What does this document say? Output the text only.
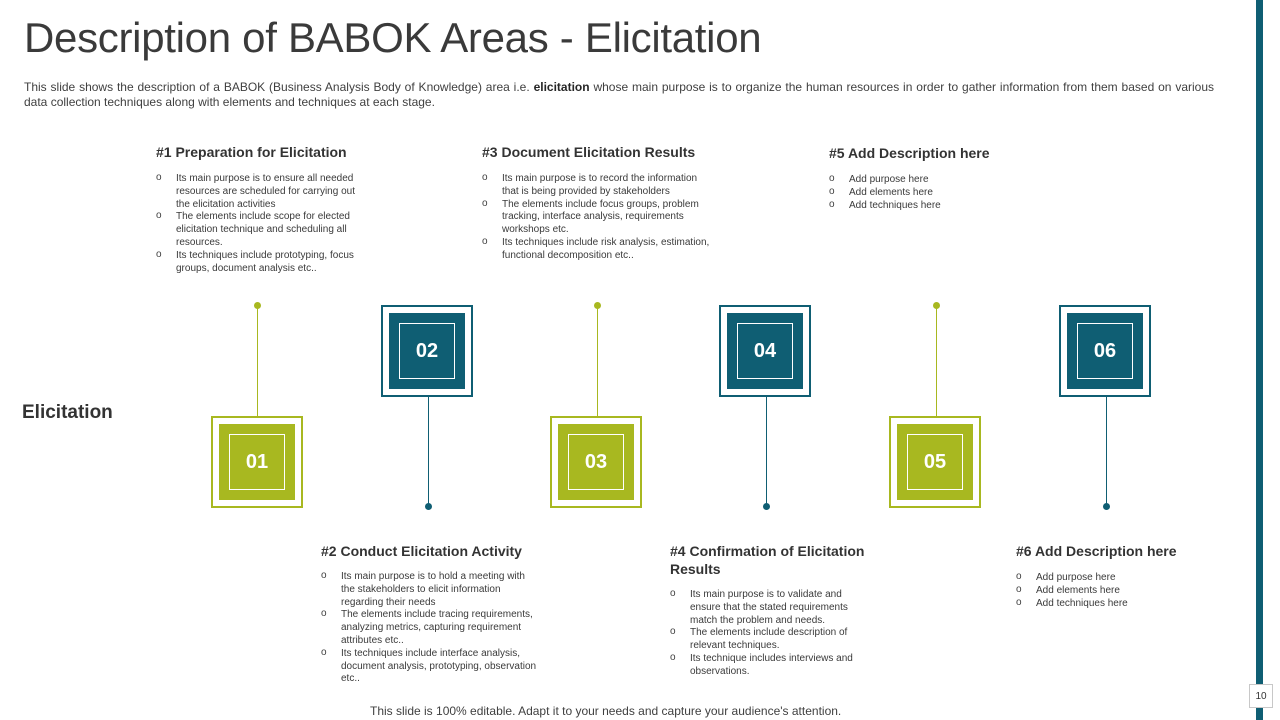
Description of BABOK Areas - Elicitation
This slide shows the description of a BABOK (Business Analysis Body of Knowledge) area i.e. elicitation whose main purpose is to organize the human resources in order to gather information from them based on various data collection techniques along with elements and techniques at each stage.
Elicitation
#1 Preparation for Elicitation
o Its main purpose is to ensure all needed resources are scheduled for carrying out the elicitation activities
o The elements include scope for elected elicitation technique and scheduling all resources.
o Its techniques include prototyping, focus groups, document analysis etc..
01
02
#2 Conduct Elicitation Activity
o Its main purpose is to hold a meeting with the stakeholders to elicit information regarding their needs
o The elements include tracing requirements, analyzing metrics, capturing requirement attributes etc..
o Its techniques include interface analysis, document analysis, prototyping, observation etc..
#3 Document Elicitation Results
o Its main purpose is to record the information that is being provided by stakeholders
o The elements include focus groups, problem tracking, interface analysis, requirements workshops etc.
o Its techniques include risk analysis, estimation, functional decomposition etc..
03
04
#4 Confirmation of Elicitation Results
o Its main purpose is to validate and ensure that the stated requirements match the problem and needs.
o The elements include description of relevant techniques.
o Its technique includes interviews and observations.
#5 Add Description here
o Add purpose here
o Add elements here
o Add techniques here
05
06
#6 Add Description here
o Add purpose here
o Add elements here
o Add techniques here
This slide is 100% editable. Adapt it to your needs and capture your audience's attention.
10
